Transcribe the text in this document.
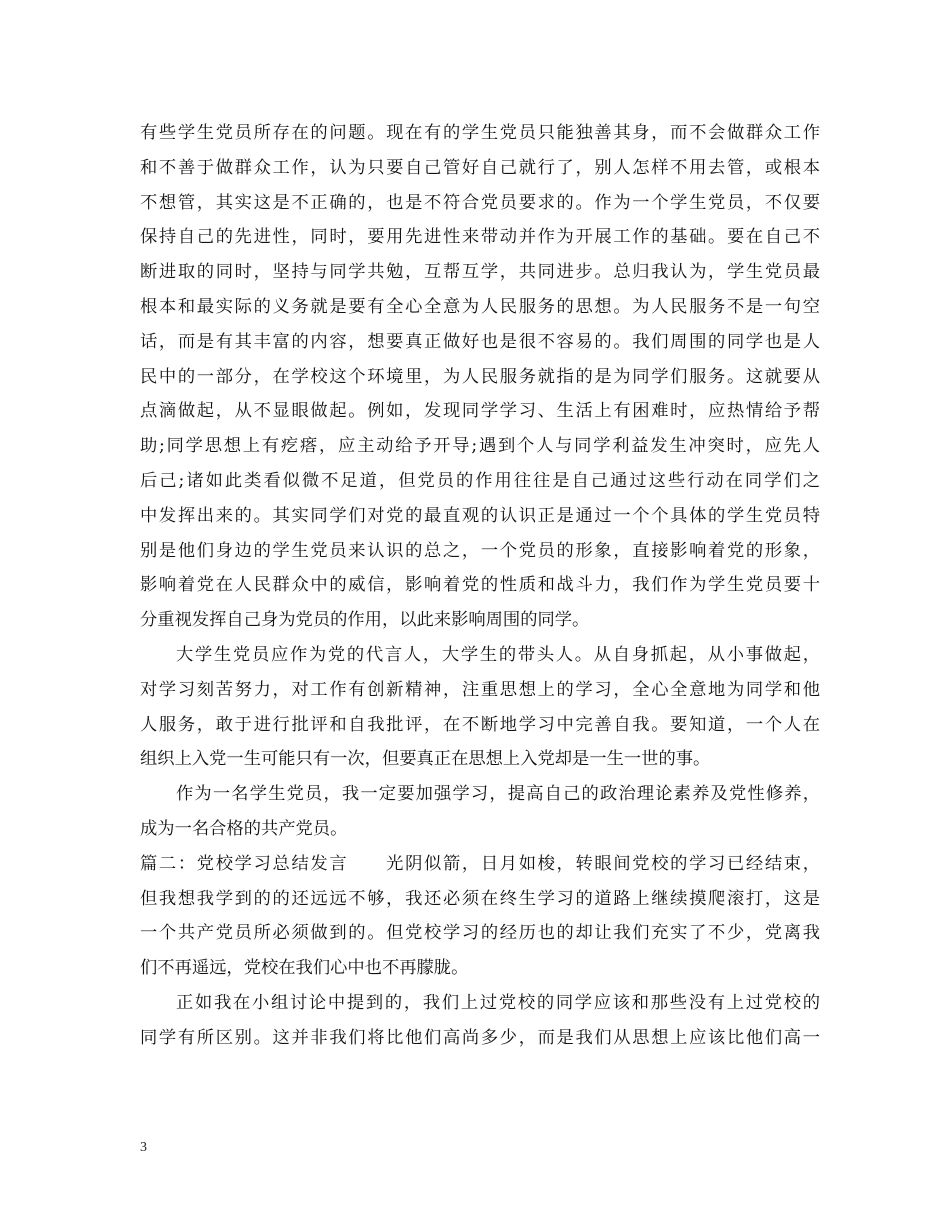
有些学生党员所存在的问题。现在有的学生党员只能独善其身，而不会做群众工作
和不善于做群众工作，认为只要自己管好自己就行了，别人怎样不用去管，或根本
不想管，其实这是不正确的，也是不符合党员要求的。作为一个学生党员，不仅要
保持自己的先进性，同时，要用先进性来带动并作为开展工作的基础。要在自己不
断进取的同时，坚持与同学共勉，互帮互学，共同进步。总归我认为，学生党员最
根本和最实际的义务就是要有全心全意为人民服务的思想。为人民服务不是一句空
话，而是有其丰富的内容，想要真正做好也是很不容易的。我们周围的同学也是人
民中的一部分，在学校这个环境里，为人民服务就指的是为同学们服务。这就要从
点滴做起，从不显眼做起。例如，发现同学学习、生活上有困难时，应热情给予帮
助;同学思想上有疙瘩，应主动给予开导;遇到个人与同学利益发生冲突时，应先人
后己;诸如此类看似微不足道，但党员的作用往往是自己通过这些行动在同学们之
中发挥出来的。其实同学们对党的最直观的认识正是通过一个个具体的学生党员特
别是他们身边的学生党员来认识的总之，一个党员的形象，直接影响着党的形象，
影响着党在人民群众中的威信，影响着党的性质和战斗力，我们作为学生党员要十
分重视发挥自己身为党员的作用，以此来影响周围的同学。
大学生党员应作为党的代言人，大学生的带头人。从自身抓起，从小事做起，
对学习刻苦努力，对工作有创新精神，注重思想上的学习，全心全意地为同学和他
人服务，敢于进行批评和自我批评，在不断地学习中完善自我。要知道，一个人在
组织上入党一生可能只有一次，但要真正在思想上入党却是一生一世的事。
作为一名学生党员，我一定要加强学习，提高自己的政治理论素养及党性修养，
成为一名合格的共产党员。
篇二：党校学习总结发言　　光阴似箭，日月如梭，转眼间党校的学习已经结束，
但我想我学到的的还远远不够，我还必须在终生学习的道路上继续摸爬滚打，这是
一个共产党员所必须做到的。但党校学习的经历也的却让我们充实了不少，党离我
们不再遥远，党校在我们心中也不再朦胧。
正如我在小组讨论中提到的，我们上过党校的同学应该和那些没有上过党校的
同学有所区别。这并非我们将比他们高尚多少，而是我们从思想上应该比他们高一
3
